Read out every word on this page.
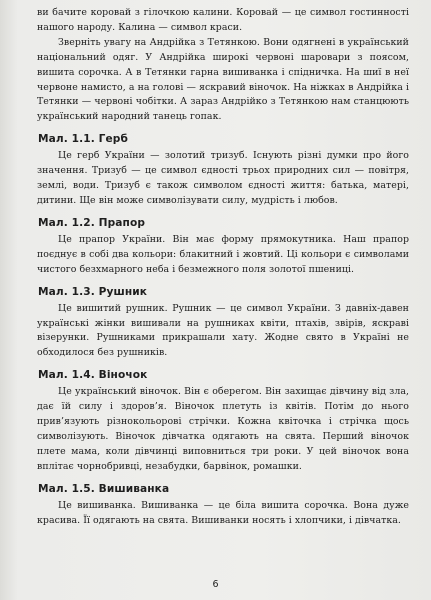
ви бачите коровай з гілочкою калини. Коровай — це символ гостинності нашого народу. Калина — символ краси.

Зверніть увагу на Андрійка з Тетянкою. Вони одягнені в український національний одяг. У Андрійка широкі червоні шаровари з поясом, вишита сорочка. А в Тетянки гарна вишиванка і спідничка. На шиї в неї червоне намисто, а на голові — яскравий віночок. На ніжках в Андрійка і Тетянки — червоні чобітки. А зараз Андрійко з Тетянкою нам станцюють український народний танець гопак.

Мал. 1.1. Герб

Це герб України — золотий тризуб. Існують різні думки про його значення. Тризуб — це символ єдності трьох природних сил — повітря, землі, води. Тризуб є також символом єдності життя: батька, матері, дитини. Ще він може символізувати силу, мудрість і любов.

Мал. 1.2. Прапор

Це прапор України. Він має форму прямокутника. Наш прапор поєднує в собі два кольори: блакитний і жовтий. Ці кольори є символами чистого безхмарного неба і безмежного поля золотої пшениці.

Мал. 1.3. Рушник

Це вишитий рушник. Рушник — це символ України. З давніх-давен українські жінки вишивали на рушниках квіти, птахів, звірів, яскраві візерунки. Рушниками прикрашали хату. Жодне свято в Україні не обходилося без рушників.

Мал. 1.4. Віночок

Це український віночок. Він є оберегом. Він захищає дівчину від зла, дає їй силу і здоров’я. Віночок плетуть із квітів. Потім до нього прив’язують різнокольорові стрічки. Кожна квіточка і стрічка щось символізують. Віночок дівчатка одягають на свята. Перший віночок плете мама, коли дівчинці виповниться три роки. У цей віночок вона вплітає чорнобривці, незабудки, барвінок, ромашки.

Мал. 1.5. Вишиванка

Це вишиванка. Вишиванка — це біла вишита сорочка. Вона дуже красива. Її одягають на свята. Вишиванки носять і хлопчики, і дівчатка.

6
